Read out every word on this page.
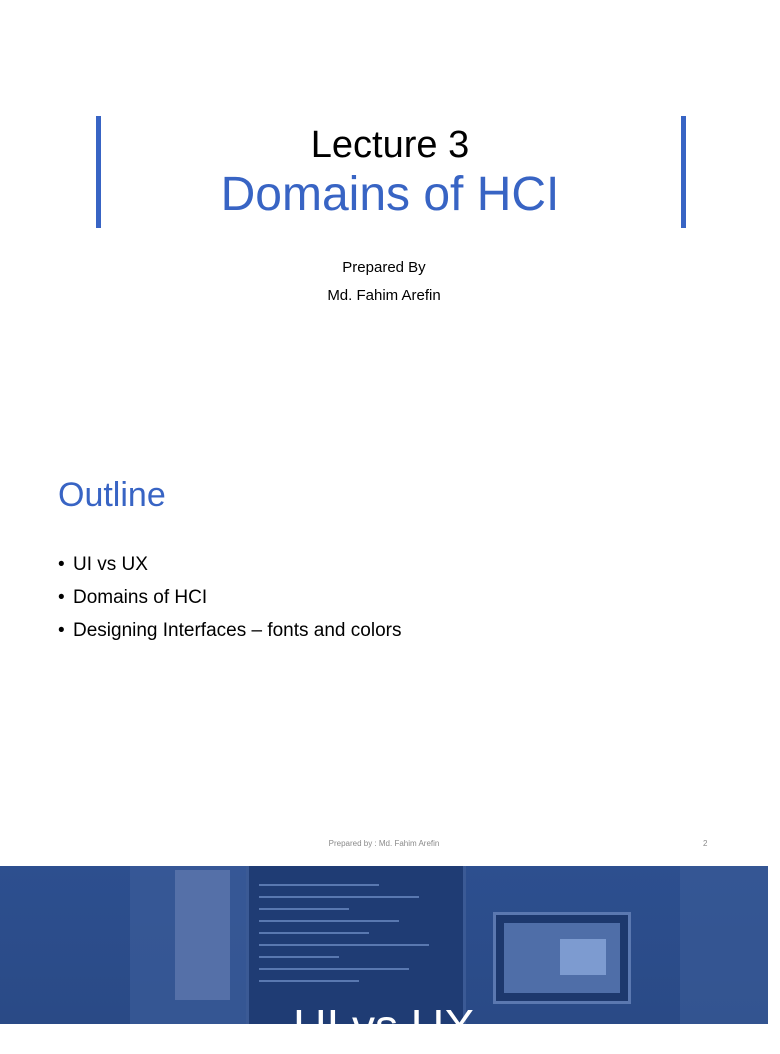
Lecture 3
Domains of HCI
Prepared By
Md. Fahim Arefin
Outline
• UI vs UX
• Domains of HCI
• Designing Interfaces – fonts and colors
Prepared by : Md. Fahim Arefin	2
UI vs UX
